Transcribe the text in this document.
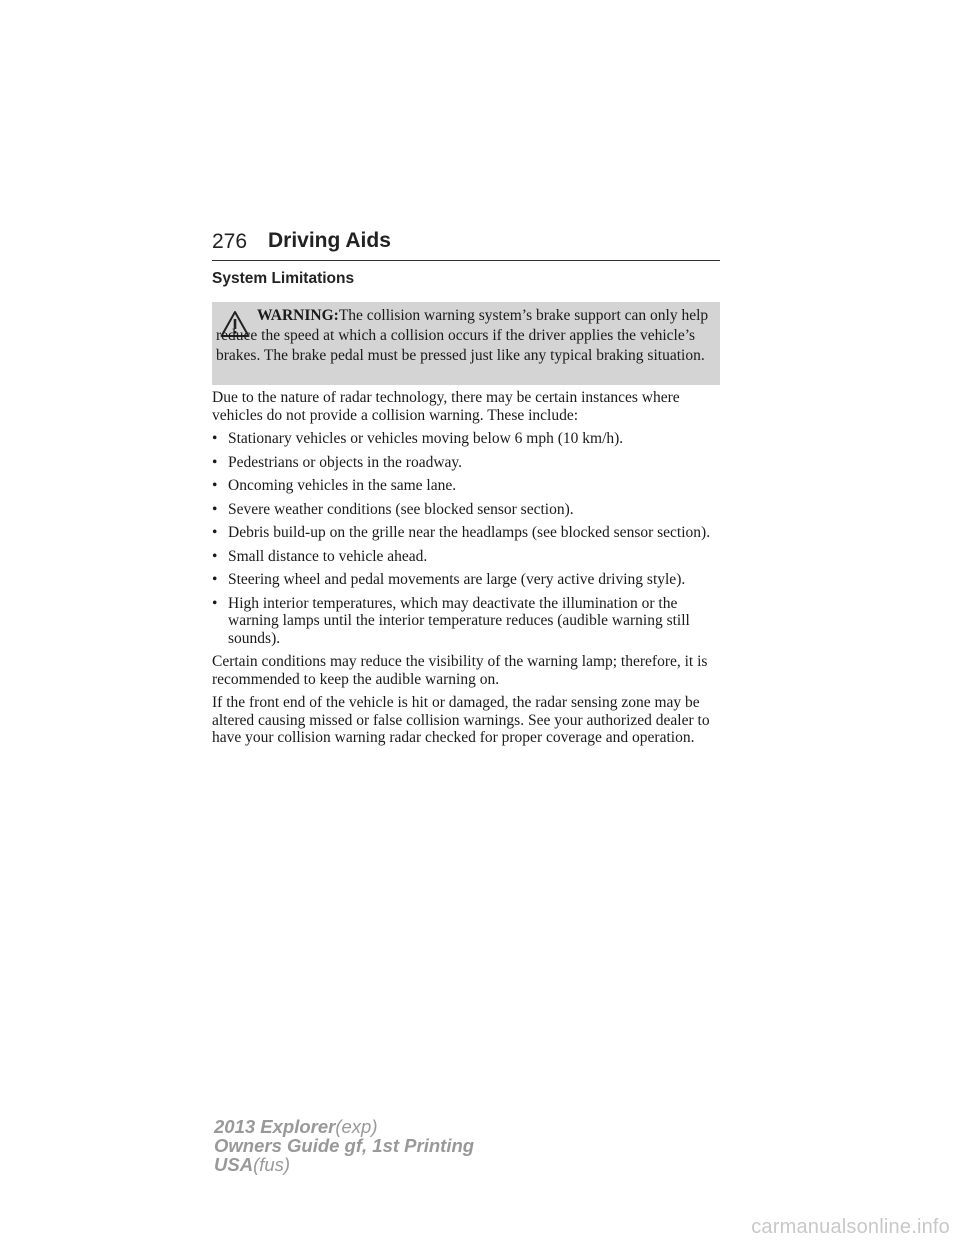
276 Driving Aids
System Limitations
WARNING:The collision warning system’s brake support can only help reduce the speed at which a collision occurs if the driver applies the vehicle’s brakes. The brake pedal must be pressed just like any typical braking situation.

Due to the nature of radar technology, there may be certain instances where vehicles do not provide a collision warning. These include:

• Stationary vehicles or vehicles moving below 6 mph (10 km/h).
• Pedestrians or objects in the roadway.
• Oncoming vehicles in the same lane.
• Severe weather conditions (see blocked sensor section).
• Debris build-up on the grille near the headlamps (see blocked sensor section).
• Small distance to vehicle ahead.
• Steering wheel and pedal movements are large (very active driving style).
• High interior temperatures, which may deactivate the illumination or the warning lamps until the interior temperature reduces (audible warning still sounds).

Certain conditions may reduce the visibility of the warning lamp; therefore, it is recommended to keep the audible warning on.

If the front end of the vehicle is hit or damaged, the radar sensing zone may be altered causing missed or false collision warnings. See your authorized dealer to have your collision warning radar checked for proper coverage and operation.

2013 Explorer(exp)
Owners Guide gf, 1st Printing
USA(fus)
carmanualsonline.info
